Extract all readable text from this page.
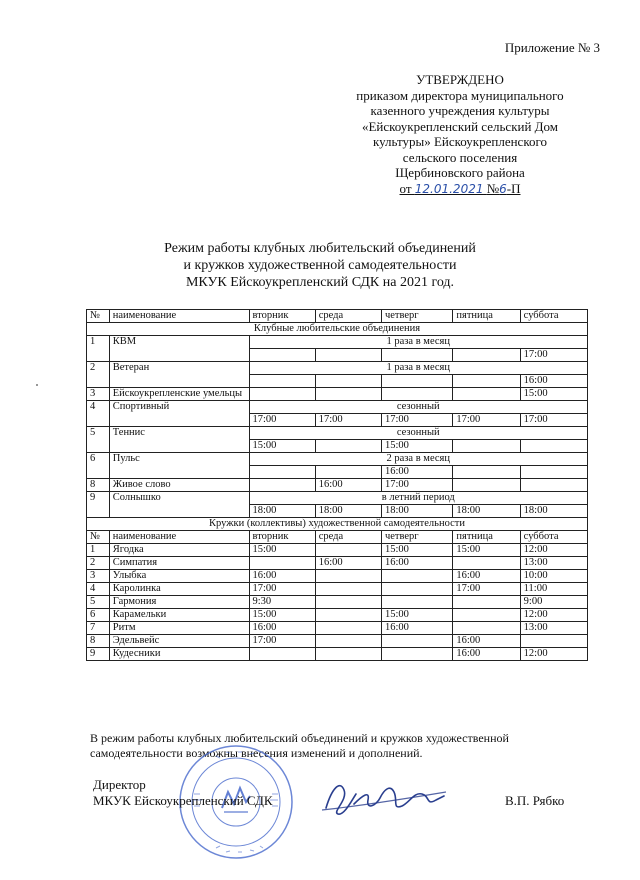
Приложение № 3
УТВЕРЖДЕНО
приказом директора муниципального
казенного учреждения культуры
«Ейскоукрепленский сельский Дом
культуры» Ейскоукрепленского
сельского поселения
Щербиновского района
от 12.01.2021 №6-П
Режим работы клубных любительский объединений
и кружков художественной самодеятельности
МКУК Ейскоукрепленский СДК на 2021 год.
№	наименование	вторник	среда	четверг	пятница	суббота
Клубные любительские объединения						
1	КВМ	1 раза в месяц				
						17:00
2	Ветеран	1 раза в месяц				
						16:00
3	Ейскоукрепленские умельцы					15:00
4	Спортивный	сезонный				
		17:00	17:00	17:00	17:00	17:00
5	Теннис	сезонный				
		15:00		15:00		
6	Пульс	2 раза в месяц				
				16:00		
8	Живое слово		16:00	17:00		
9	Солнышко	в летний период				
		18:00	18:00	18:00	18:00	18:00
Кружки (коллективы) художественной самодеятельности						
№	наименование	вторник	среда	четверг	пятница	суббота
1	Ягодка	15:00		15:00	15:00	12:00
2	Симпатия		16:00	16:00		13:00
3	Улыбка	16:00			16:00	10:00
4	Каролинка	17:00			17:00	11:00
5	Гармония	9:30				9:00
6	Карамельки	15:00		15:00		12:00
7	Ритм	16:00		16:00		13:00
8	Эдельвейс	17:00			16:00	
9	Кудесники				16:00	12:00
В режим работы клубных любительский объединений и кружков художественной самодеятельности возможны внесения изменений и дополнений.
Директор
МКУК Ейскоукрепленский СДК	В.П. Рябко
